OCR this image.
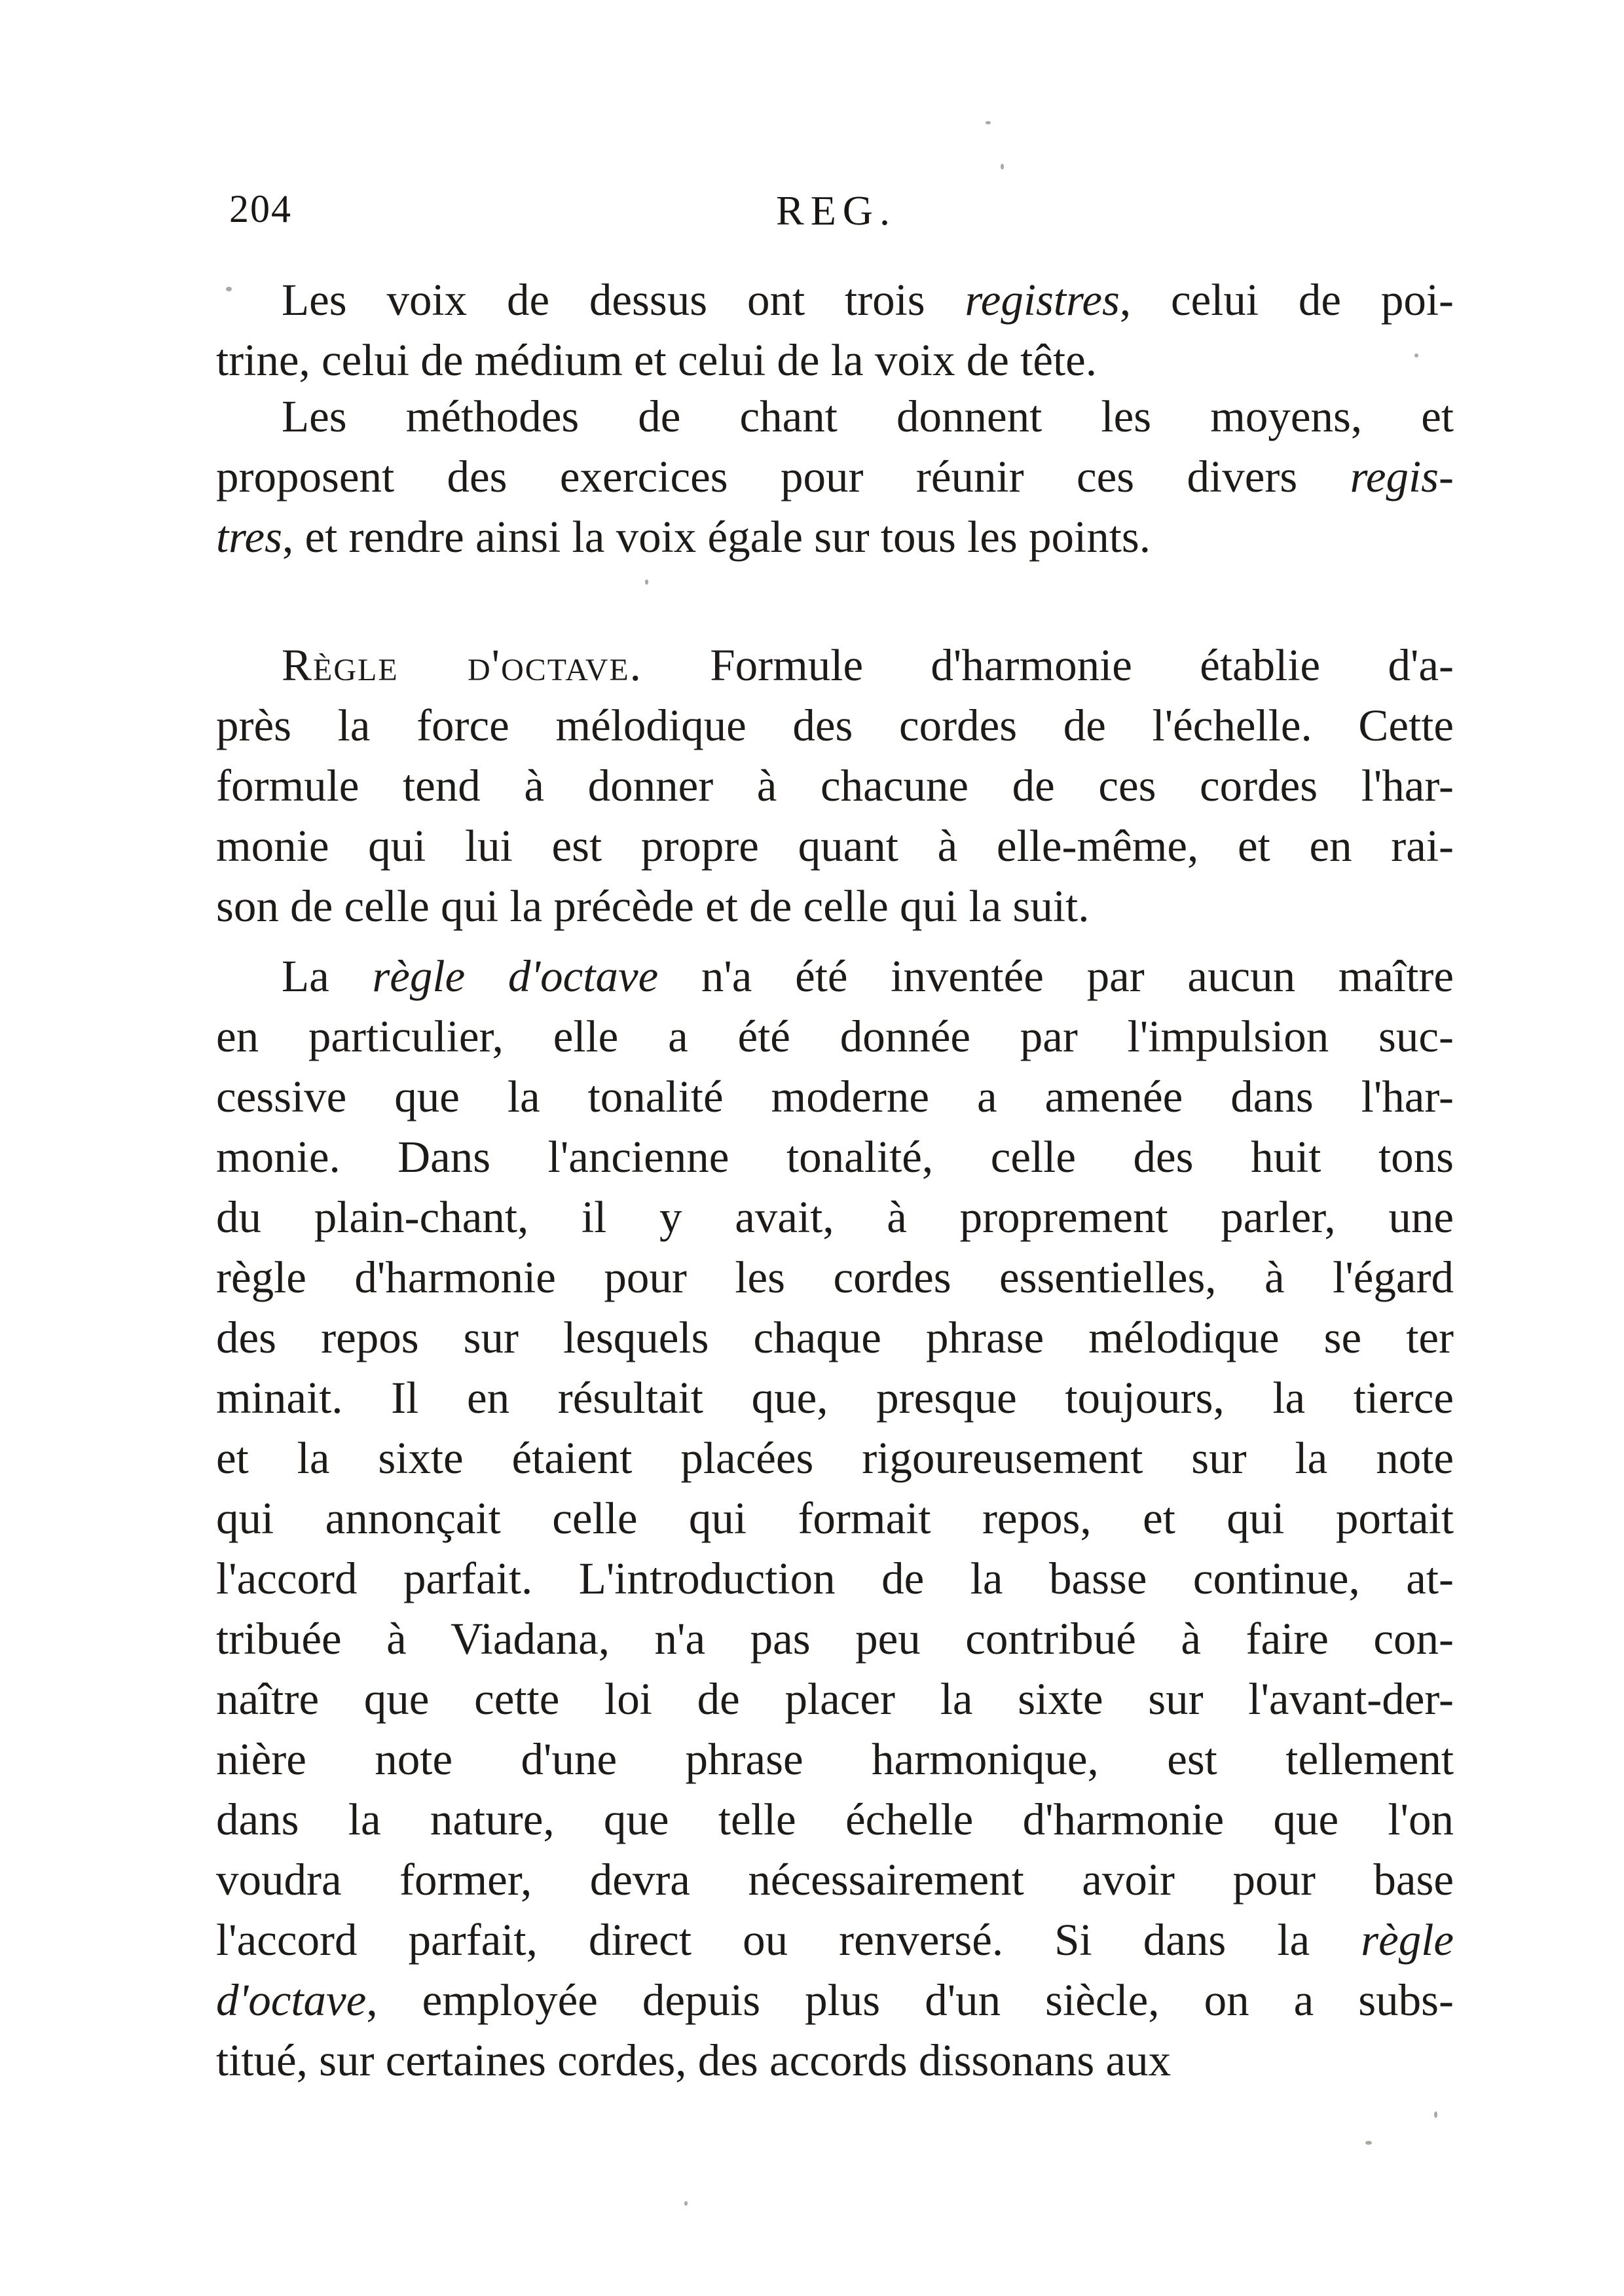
204	REG.
Les voix de dessus ont trois registres, celui de poi-
trine, celui de médium et celui de la voix de tête.
Les méthodes de chant donnent les moyens, et
proposent des exercices pour réunir ces divers regis-
tres, et rendre ainsi la voix égale sur tous les points.
Règle d'octave. Formule d'harmonie établie d'a-
près la force mélodique des cordes de l'échelle. Cette
formule tend à donner à chacune de ces cordes l'har-
monie qui lui est propre quant à elle-même, et en rai-
son de celle qui la précède et de celle qui la suit.
La règle d'octave n'a été inventée par aucun maître
en particulier, elle a été donnée par l'impulsion suc-
cessive que la tonalité moderne a amenée dans l'har-
monie. Dans l'ancienne tonalité, celle des huit tons
du plain-chant, il y avait, à proprement parler, une
règle d'harmonie pour les cordes essentielles, à l'égard
des repos sur lesquels chaque phrase mélodique se ter
minait. Il en résultait que, presque toujours, la tierce
et la sixte étaient placées rigoureusement sur la note
qui annonçait celle qui formait repos, et qui portait
l'accord parfait. L'introduction de la basse continue, at-
tribuée à Viadana, n'a pas peu contribué à faire con-
naître que cette loi de placer la sixte sur l'avant-der-
nière note d'une phrase harmonique, est tellement
dans la nature, que telle échelle d'harmonie que l'on
voudra former, devra nécessairement avoir pour base
l'accord parfait, direct ou renversé. Si dans la règle
d'octave, employée depuis plus d'un siècle, on a subs-
titué, sur certaines cordes, des accords dissonans aux
